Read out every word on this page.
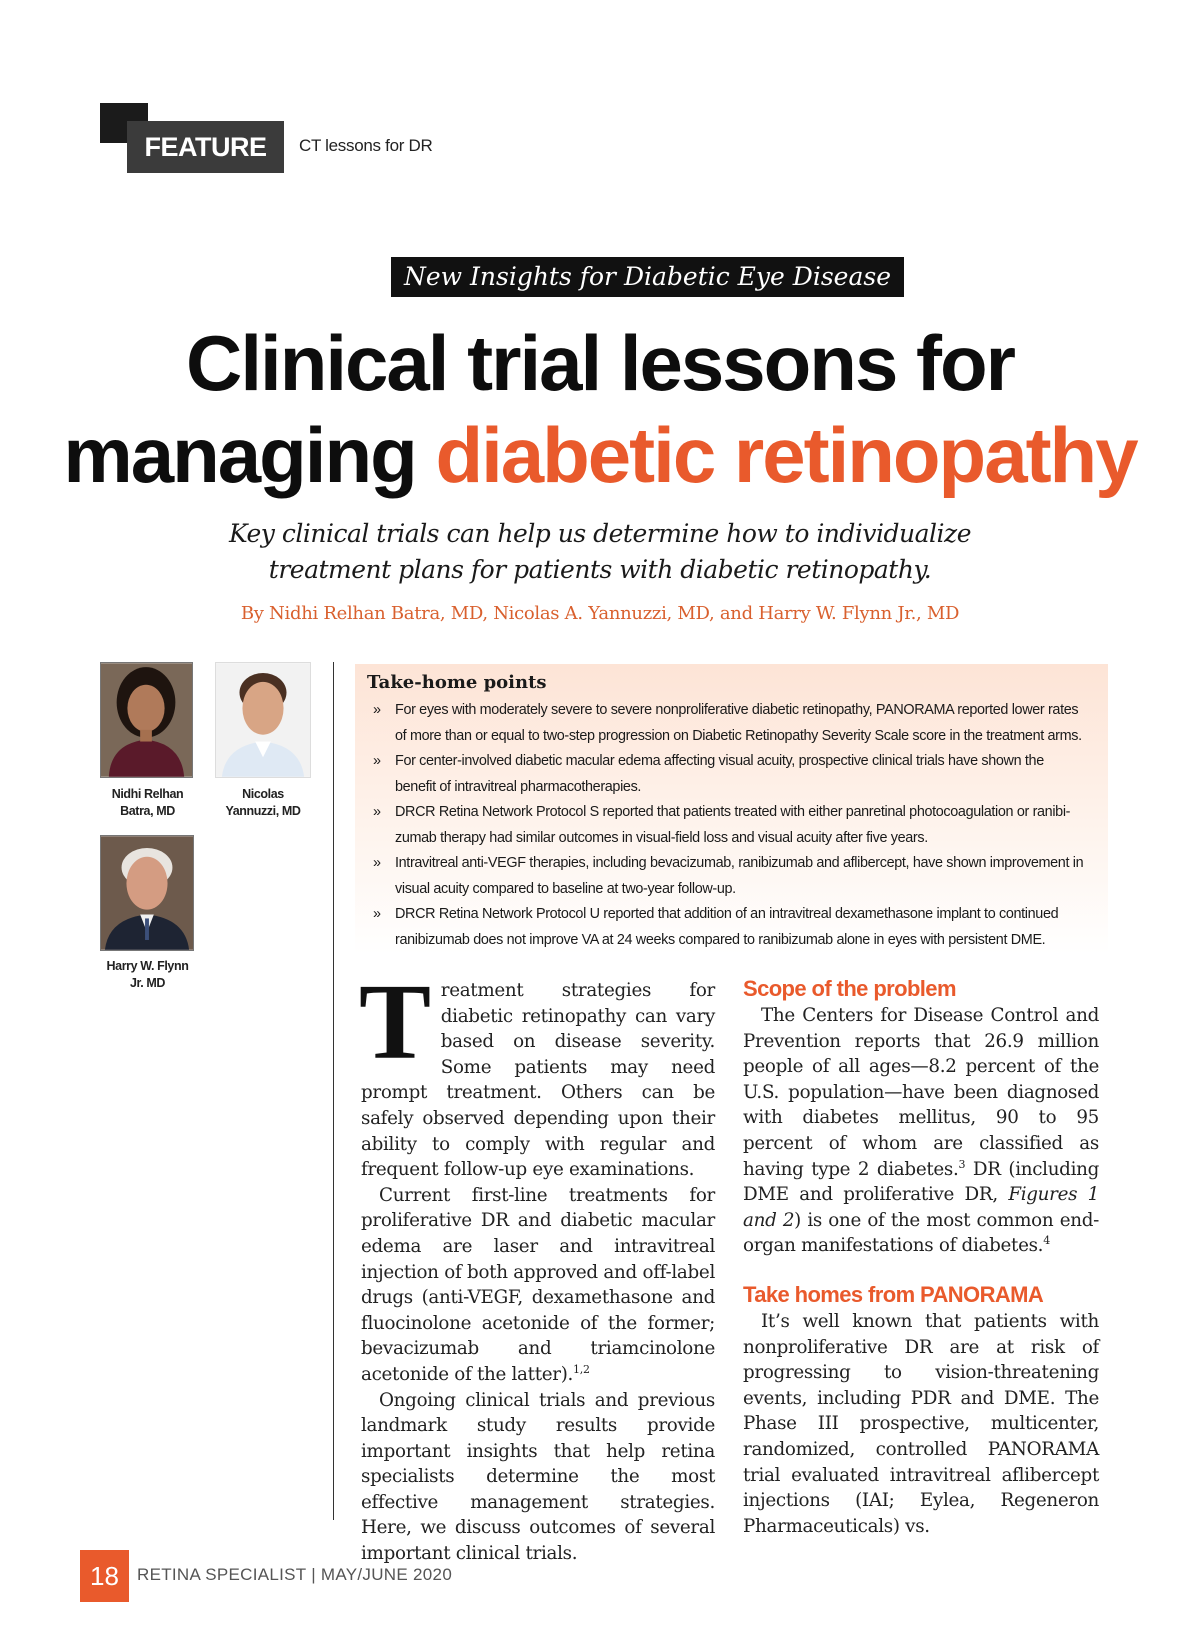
FEATURE	CT lessons for DR
New Insights for Diabetic Eye Disease
Clinical trial lessons for
managing diabetic retinopathy
Key clinical trials can help us determine how to individualize
treatment plans for patients with diabetic retinopathy.
By Nidhi Relhan Batra, MD, Nicolas A. Yannuzzi, MD, and Harry W. Flynn Jr., MD
Nidhi Relhan
Batra, MD
Nicolas
Yannuzzi, MD
Harry W. Flynn
Jr. MD
Take-home points
» For eyes with moderately severe to severe nonproliferative diabetic retinopathy, PANORAMA reported lower rates
of more than or equal to two-step progression on Diabetic Retinopathy Severity Scale score in the treatment arms.
» For center-involved diabetic macular edema affecting visual acuity, prospective clinical trials have shown the
benefit of intravitreal pharmacotherapies.
» DRCR Retina Network Protocol S reported that patients treated with either panretinal photocoagulation or ranibi-
zumab therapy had similar outcomes in visual-field loss and visual acuity after five years.
» Intravitreal anti-VEGF therapies, including bevacizumab, ranibizumab and aflibercept, have shown improvement in
visual acuity compared to baseline at two-year follow-up.
» DRCR Retina Network Protocol U reported that addition of an intravitreal dexamethasone implant to continued
ranibizumab does not improve VA at 24 weeks compared to ranibizumab alone in eyes with persistent DME.

Treatment strategies for diabetic retinopathy can vary based on disease severity. Some patients may need prompt treatment. Others can be safely observed depending upon their ability to comply with regular and frequent follow-up eye examinations.

Current first-line treatments for proliferative DR and diabetic macular edema are laser and intravitreal injection of both approved and off-label drugs (anti-VEGF, dexamethasone and fluocinolone acetonide of the former; bevacizumab and triamcinolone acetonide of the latter).$^{1,2}$

Ongoing clinical trials and previous landmark study results provide important insights that help retina specialists determine the most effective management strategies. Here, we discuss outcomes of several important clinical trials.

Scope of the problem

The Centers for Disease Control and Prevention reports that 26.9 million people of all ages—8.2 percent of the U.S. population—have been diagnosed with diabetes mellitus, 90 to 95 percent of whom are classified as having type 2 diabetes.$^3$ DR (including DME and proliferative DR, Figures 1 and 2) is one of the most common end-organ manifestations of diabetes.$^4$

Take homes from PANORAMA

It’s well known that patients with nonproliferative DR are at risk of progressing to vision-threatening events, including PDR and DME. The Phase III prospective, multicenter, randomized, controlled PANORAMA trial evaluated intravitreal aflibercept injections (IAI; Eylea, Regeneron Pharmaceuticals) vs.

18	RETINA SPECIALIST | MAY/JUNE 2020
